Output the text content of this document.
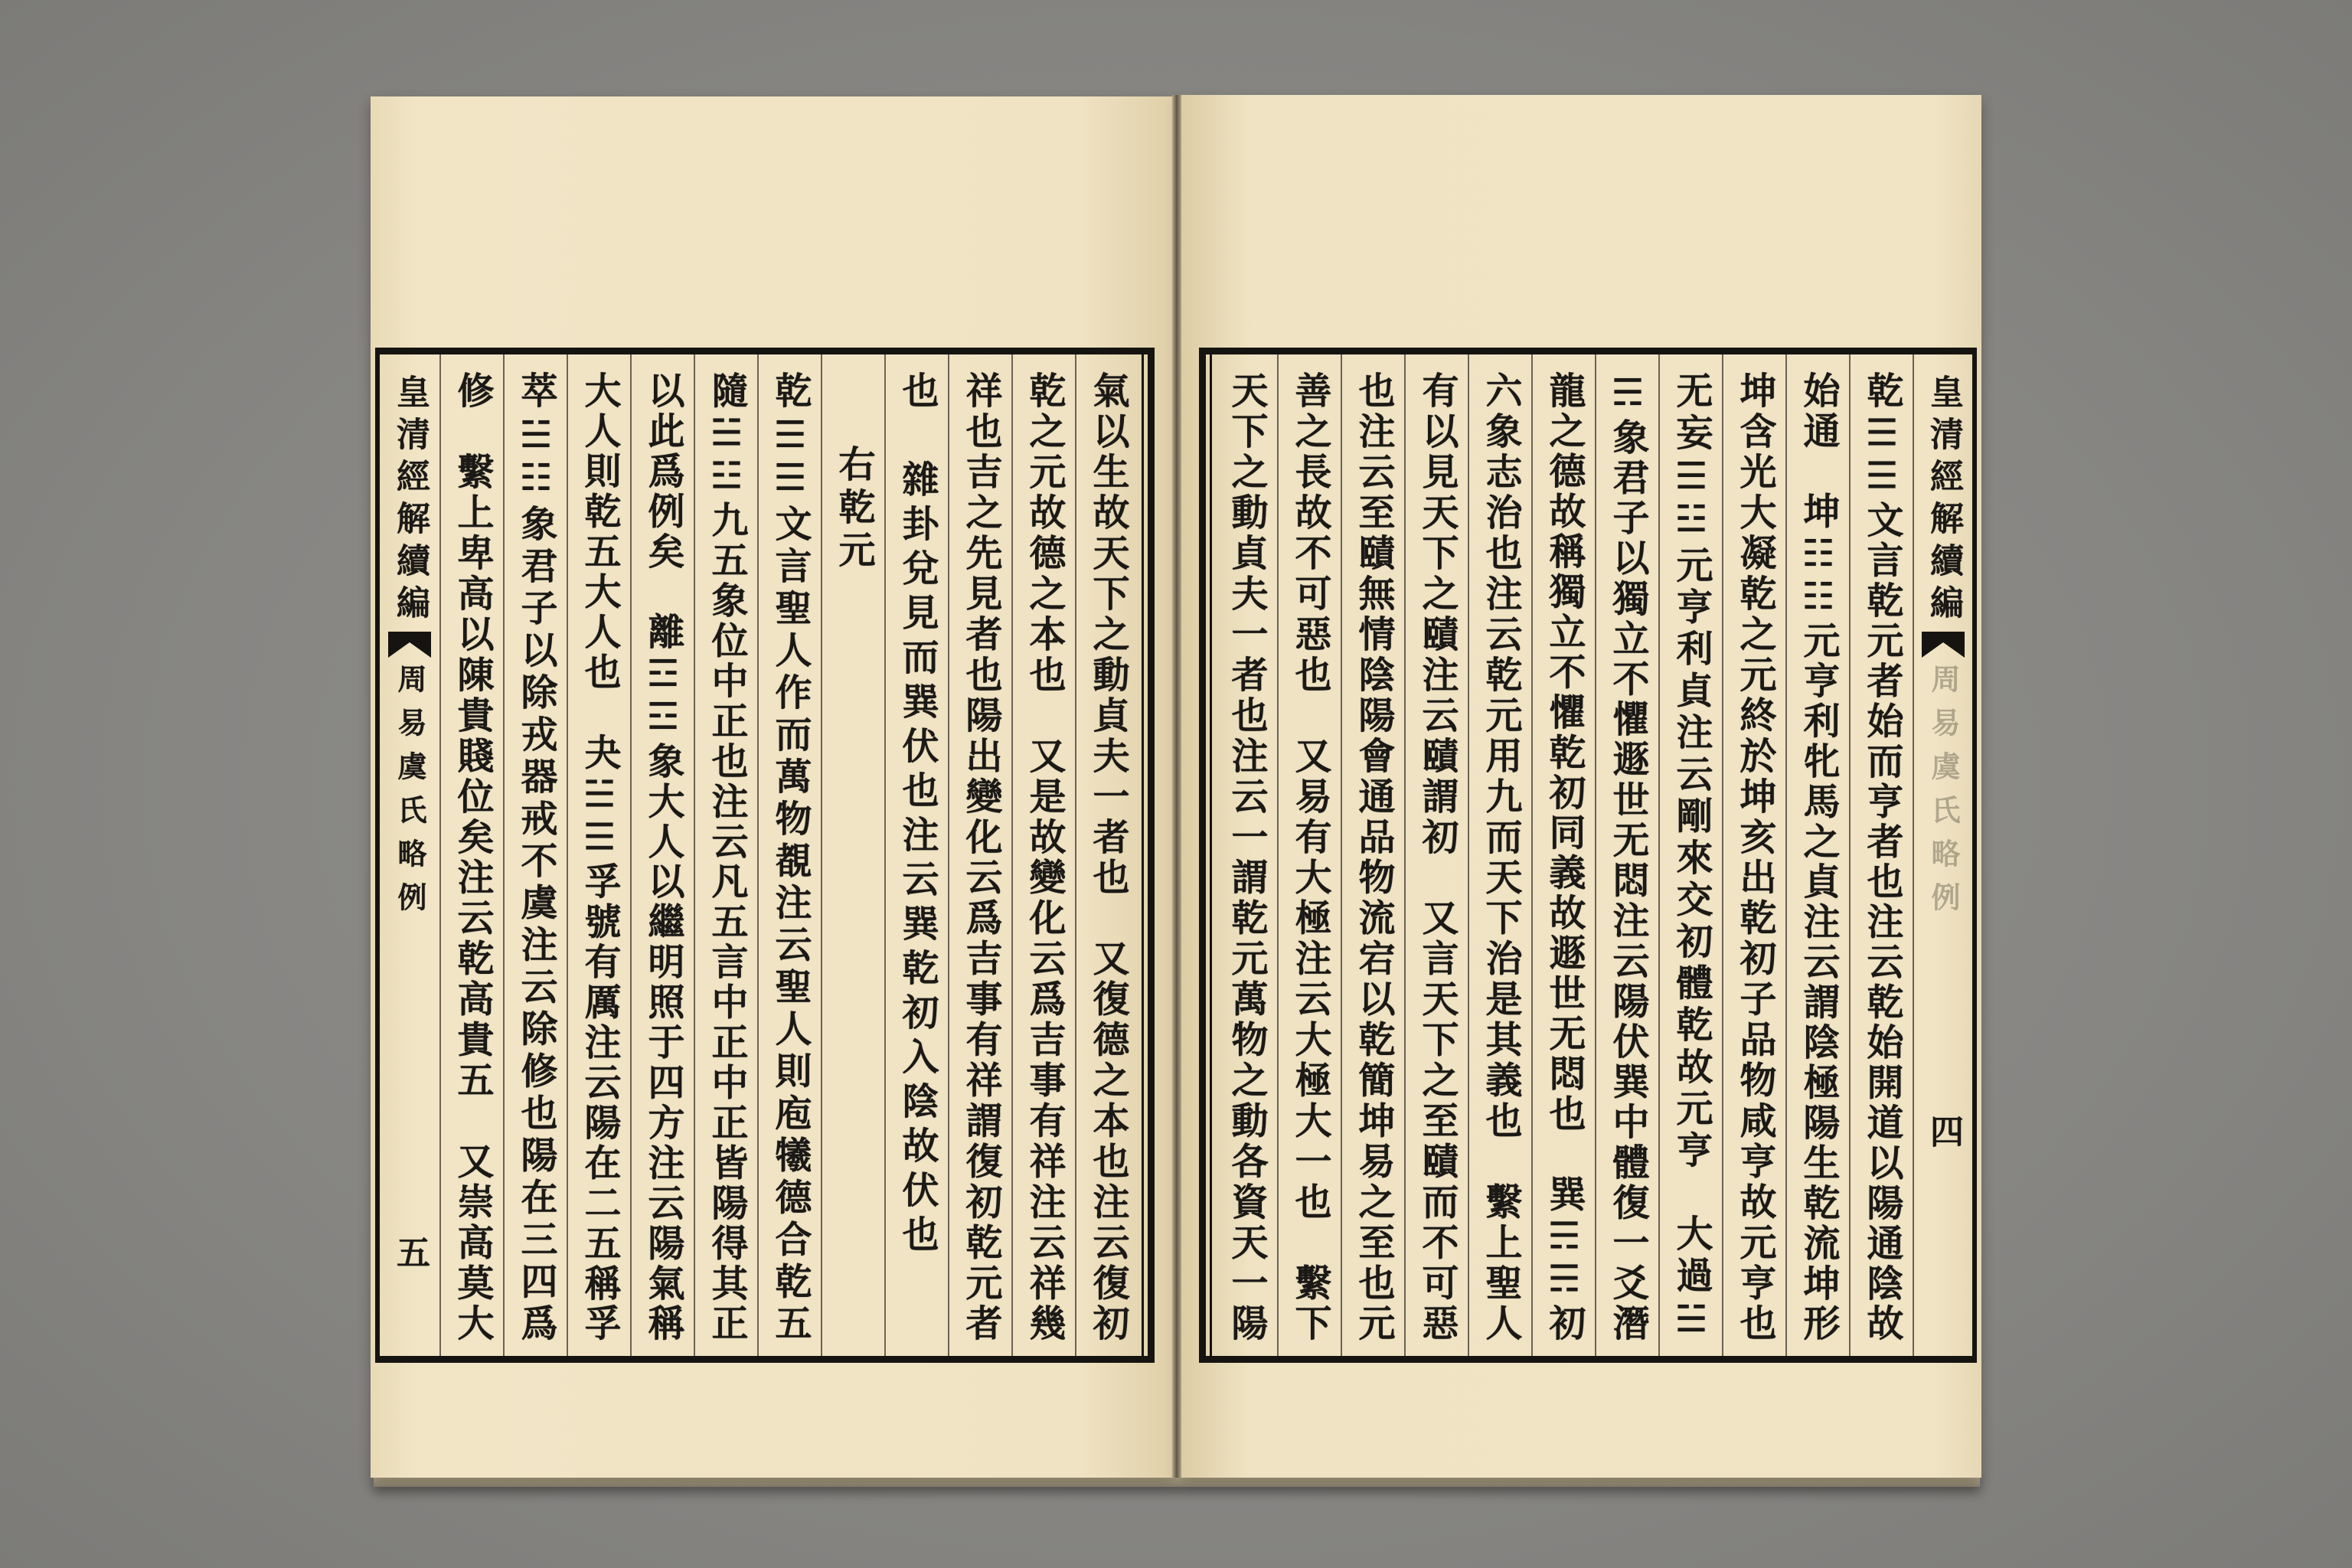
氣以生故天下之動貞夫一者也　又復德之本也注云復初
乾之元故德之本也　又是故變化云爲吉事有祥注云祥幾
祥也吉之先見者也陽出變化云爲吉事有祥謂復初乾元者
也　雜卦兌見而巽伏也注云巽乾初入陰故伏也
右乾元
乾☰☰文言聖人作而萬物覩注云聖人則庖犧德合乾五
隨☱☳九五象位中正也注云凡五言中正中正皆陽得其正
以此爲例矣　離☲☲象大人以繼明照于四方注云陽氣稱
大人則乾五大人也　夬☱☰孚號有厲注云陽在二五稱孚
萃☱☷象君子以除戎器戒不虞注云除修也陽在三四爲
修　繫上卑高以陳貴賤位矣注云乾高貴五　又崇高莫大
皇清經解續編
周易虞氏略例
五
皇清經解續編
周易虞氏略例
四
乾☰☰文言乾元者始而亨者也注云乾始開道以陽通陰故
始通　坤☷☷元亨利牝馬之貞注云謂陰極陽生乾流坤形
坤含光大凝乾之元終於坤亥出乾初子品物咸亨故元亨也
无妄☰☳元亨利貞注云剛來交初體乾故元亨　大過☱
☴象君子以獨立不懼遯世无悶注云陽伏巽中體復一爻潛
龍之德故稱獨立不懼乾初同義故遯世无悶也　巽☴☴初
六象志治也注云乾元用九而天下治是其義也　繫上聖人
有以見天下之賾注云賾謂初　又言天下之至賾而不可惡
也注云至賾無情陰陽會通品物流宕以乾簡坤易之至也元
善之長故不可惡也　又易有大極注云大極大一也　繫下
天下之動貞夫一者也注云一謂乾元萬物之動各資天一陽
